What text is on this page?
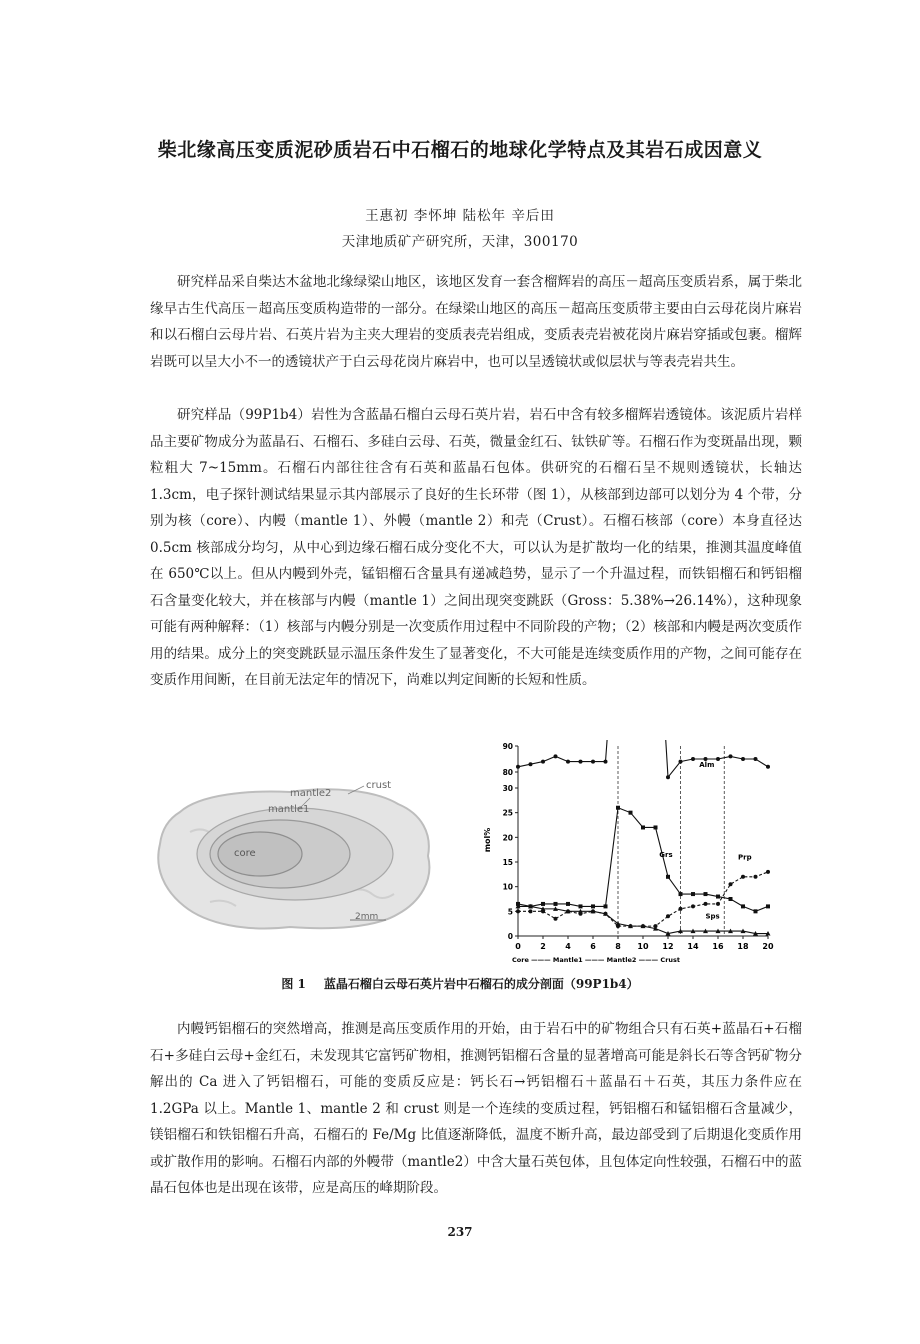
柴北缘高压变质泥砂质岩石中石榴石的地球化学特点及其岩石成因意义
王惠初 李怀坤 陆松年 辛后田
天津地质矿产研究所，天津，300170

研究样品采自柴达木盆地北缘绿梁山地区，该地区发育一套含榴辉岩的高压－超高压变质岩系，属于柴北缘早古生代高压－超高压变质构造带的一部分。在绿梁山地区的高压－超高压变质带主要由白云母花岗片麻岩和以石榴白云母片岩、石英片岩为主夹大理岩的变质表壳岩组成，变质表壳岩被花岗片麻岩穿插或包裹。榴辉岩既可以呈大小不一的透镜状产于白云母花岗片麻岩中，也可以呈透镜状或似层状与等表壳岩共生。

研究样品（99P1b4）岩性为含蓝晶石榴白云母石英片岩，岩石中含有较多榴辉岩透镜体。该泥质片岩样品主要矿物成分为蓝晶石、石榴石、多硅白云母、石英，微量金红石、钛铁矿等。石榴石作为变斑晶出现，颗粒粗大 7~15mm。石榴石内部往往含有石英和蓝晶石包体。供研究的石榴石呈不规则透镜状，长轴达 1.3cm，电子探针测试结果显示其内部展示了良好的生长环带（图 1），从核部到边部可以划分为 4 个带，分别为核（core）、内幔（mantle 1）、外幔（mantle 2）和壳（Crust）。石榴石核部（core）本身直径达 0.5cm 核部成分均匀，从中心到边缘石榴石成分变化不大，可以认为是扩散均一化的结果，推测其温度峰值在 650℃以上。但从内幔到外壳，锰铝榴石含量具有递减趋势，显示了一个升温过程，而铁铝榴石和钙铝榴石含量变化较大，并在核部与内幔（mantle 1）之间出现突变跳跃（Gross：5.38%→26.14%），这种现象可能有两种解释：（1）核部与内幔分别是一次变质作用过程中不同阶段的产物；（2）核部和内幔是两次变质作用的结果。成分上的突变跳跃显示温压条件发生了显著变化，不大可能是连续变质作用的产物，之间可能存在变质作用间断，在目前无法定年的情况下，尚难以判定间断的长短和性质。

crust
mantle2
mantle1
core
2mm
mol%
0
5
10
15
20
25
30
80
90
0 2 4 6 8 10 12 14 16 18 20
Core ——— Mantle1 ——— Mantle2 ——— Crust
Alm
Grs	Prp
Sps
图 1 蓝晶石榴白云母石英片岩中石榴石的成分剖面（99P1b4）

内幔钙铝榴石的突然增高，推测是高压变质作用的开始，由于岩石中的矿物组合只有石英+蓝晶石+石榴石+多硅白云母+金红石，未发现其它富钙矿物相，推测钙铝榴石含量的显著增高可能是斜长石等含钙矿物分解出的 Ca 进入了钙铝榴石，可能的变质反应是：钙长石→钙铝榴石＋蓝晶石＋石英，其压力条件应在 1.2GPa 以上。Mantle 1、mantle 2 和 crust 则是一个连续的变质过程，钙铝榴石和锰铝榴石含量减少，镁铝榴石和铁铝榴石升高，石榴石的 Fe/Mg 比值逐渐降低，温度不断升高，最边部受到了后期退化变质作用或扩散作用的影响。石榴石内部的外幔带（mantle2）中含大量石英包体，且包体定向性较强，石榴石中的蓝晶石包体也是出现在该带，应是高压的峰期阶段。

237
